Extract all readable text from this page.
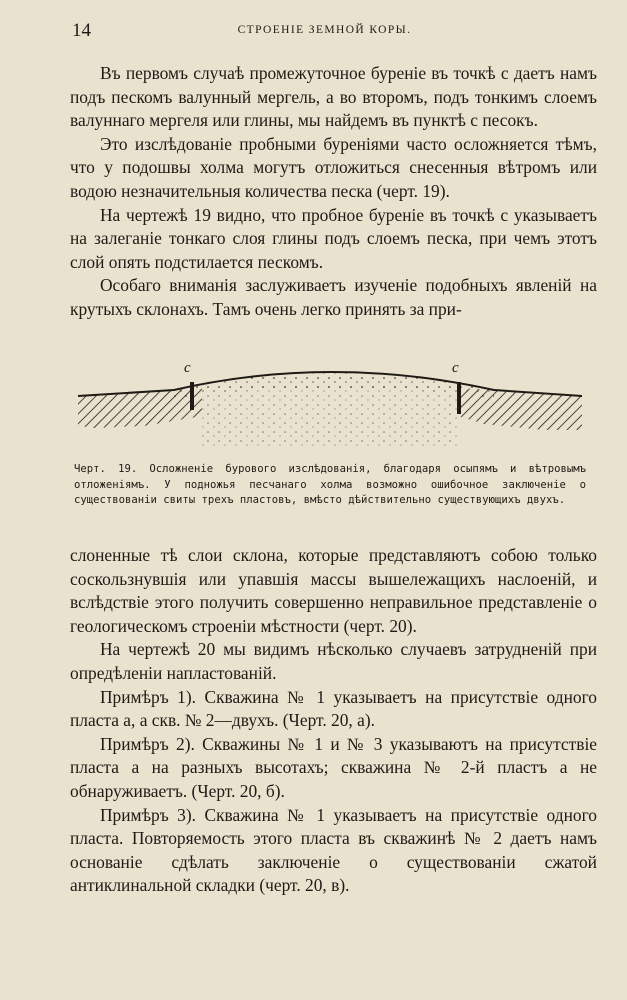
14	СТРОЕНІЕ ЗЕМНОЙ КОРЫ.

Въ первомъ случаѣ промежуточное буреніе въ точкѣ с даетъ намъ подъ пескомъ валунный мергель, а во второмъ, подъ тонкимъ слоемъ валуннаго мергеля или глины, мы найдемъ въ пунктѣ с песокъ.

Это изслѣдованіе пробными буреніями часто осложняется тѣмъ, что у подошвы холма могутъ отложиться снесенныя вѣтромъ или водою незначительныя количества песка (черт. 19).

На чертежѣ 19 видно, что пробное буреніе въ точкѣ с указываетъ на залеганіе тонкаго слоя глины подъ слоемъ песка, при чемъ этотъ слой опять подстилается пескомъ.

Особаго вниманія заслуживаетъ изученіе подобныхъ явленій на крутыхъ склонахъ. Тамъ очень легко принять за при-

c	c
Черт. 19. Осложненіе бурового изслѣдованія, благодаря осыпямъ и вѣтровымъ отложеніямъ. У подножья песчанаго холма возможно ошибочное заключеніе о существованіи свиты трехъ пластовъ, вмѣсто дѣйствительно существующихъ двухъ.

слоненные тѣ слои склона, которые представляютъ собою только соскользнувшія или упавшія массы вышележащихъ наслоеній, и вслѣдствіе этого получить совершенно неправильное представленіе о геологическомъ строеніи мѣстности (черт. 20).

На чертежѣ 20 мы видимъ нѣсколько случаевъ затрудненій при опредѣленіи напластованій.

Примѣръ 1). Скважина № 1 указываетъ на присутствіе одного пласта а, а скв. № 2—двухъ. (Черт. 20, а).

Примѣръ 2). Скважины № 1 и № 3 указываютъ на присутствіе пласта а на разныхъ высотахъ; скважина № 2-й пластъ а не обнаруживаетъ. (Черт. 20, б).

Примѣръ 3). Скважина № 1 указываетъ на присутствіе одного пласта. Повторяемость этого пласта въ скважинѣ № 2 даетъ намъ основаніе сдѣлать заключеніе о существованіи сжатой антиклинальной складки (черт. 20, в).
